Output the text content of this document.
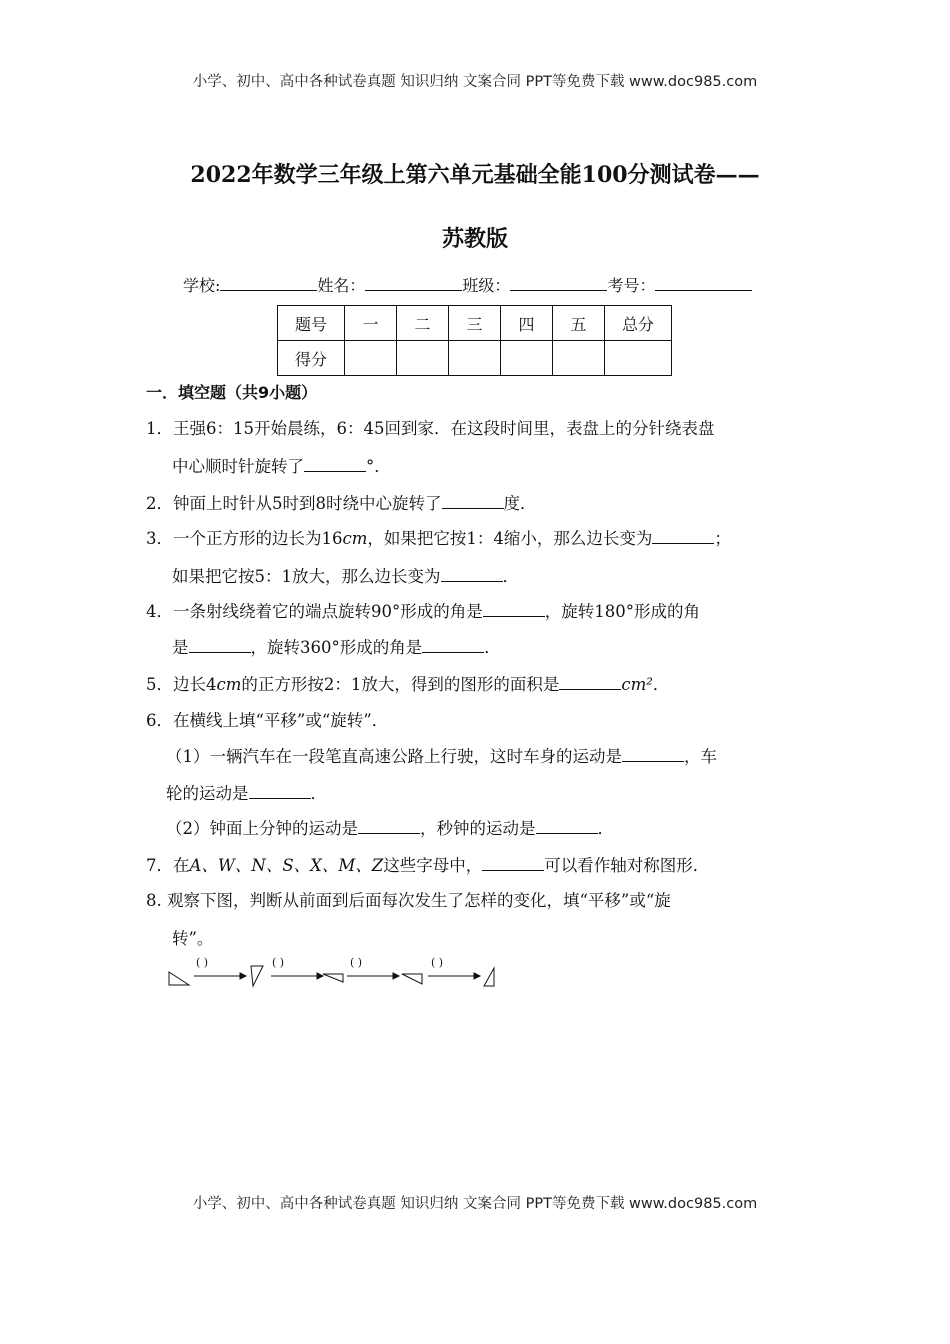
小学、初中、高中各种试卷真题 知识归纳 文案合同 PPT等免费下载 www.doc985.com
2022年数学三年级上第六单元基础全能100分测试卷——
苏教版
学校:	姓名：	班级：	考号：
题号	一	二	三	四	五	总分
得分						
一．填空题（共9小题）
1．王强6：15开始晨练，6：45回到家．在这段时间里，表盘上的分针绕表盘
中心顺时针旋转了	°．
2．钟面上时针从5时到8时绕中心旋转了	度．
3．一个正方形的边长为16cm，如果把它按1：4缩小，那么边长变为	；
如果把它按5：1放大，那么边长变为	．
4．一条射线绕着它的端点旋转90°形成的角是	，旋转180°形成的角
是	，旋转360°形成的角是	．
5．边长4cm的正方形按2：1放大，得到的图形的面积是	cm²．
6．在横线上填“平移”或“旋转”．
（1）一辆汽车在一段笔直高速公路上行驶，这时车身的运动是	，车
轮的运动是	．
（2）钟面上分钟的运动是	，秒钟的运动是	．
7．在A、W、N、S、X、M、Z这些字母中，	可以看作轴对称图形．
8. 观察下图，判断从前面到后面每次发生了怎样的变化，填“平移”或“旋
转”。
( )	( )	( )	( )
小学、初中、高中各种试卷真题 知识归纳 文案合同 PPT等免费下载 www.doc985.com
